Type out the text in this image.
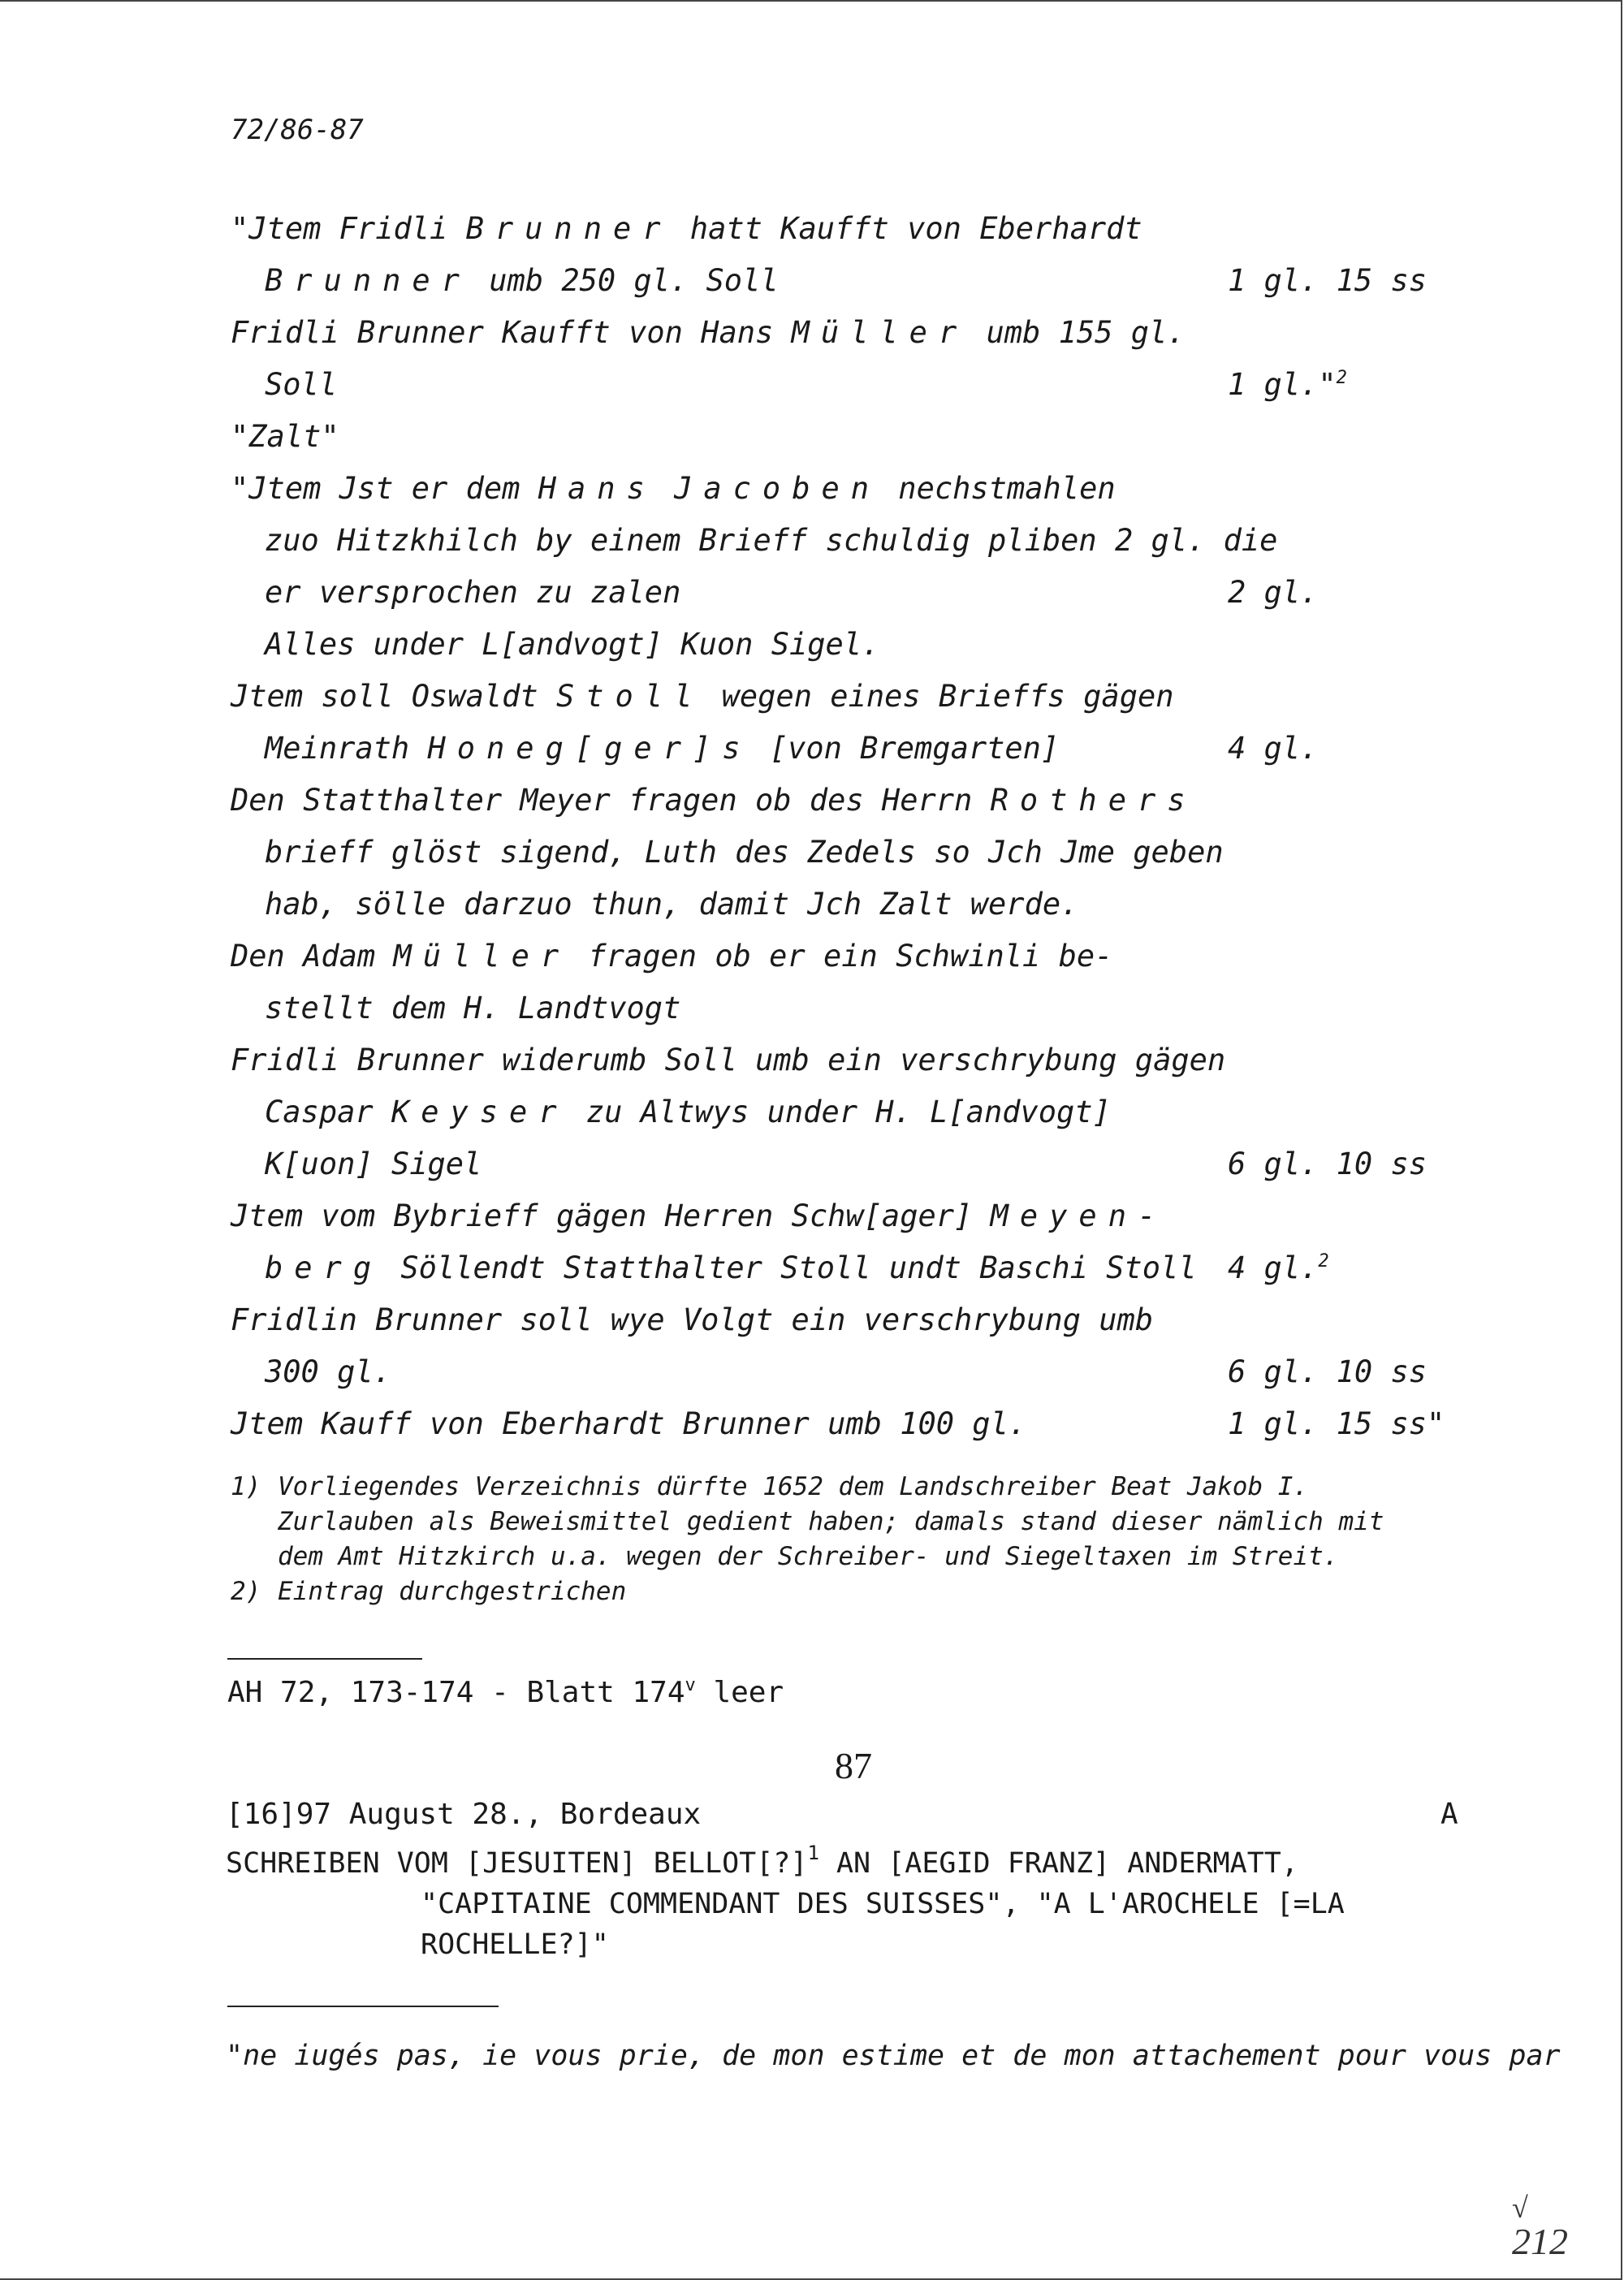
72/86-87
"Jtem Fridli Brunner hatt Kaufft von Eberhardt
Brunner umb 250 gl. Soll	1 gl. 15 ss
Fridli Brunner Kaufft von Hans Müller umb 155 gl.
Soll	1 gl."$^2$
"Zalt"
"Jtem Jst er dem Hans Jacoben nechstmahlen
zuo Hitzkhilch by einem Brieff schuldig pliben 2 gl. die
er versprochen zu zalen	2 gl.
Alles under L[andvogt] Kuon Sigel.
Jtem soll Oswaldt Stoll wegen eines Brieffs gägen
Meinrath Honeg[ger]s [von Bremgarten]	4 gl.
Den Statthalter Meyer fragen ob des Herrn Rothers
brieff glöst sigend, Luth des Zedels so Jch Jme geben
hab, sölle darzuo thun, damit Jch Zalt werde.
Den Adam Müller fragen ob er ein Schwinli be-
stellt dem H. Landtvogt
Fridli Brunner widerumb Soll umb ein verschrybung gägen
Caspar Keyser zu Altwys under H. L[andvogt]
K[uon] Sigel	6 gl. 10 ss
Jtem vom Bybrieff gägen Herren Schw[ager] Meyen-
berg Söllendt Statthalter Stoll undt Baschi Stoll 4 gl.$^2$
Fridlin Brunner soll wye Volgt ein verschrybung umb
300 gl.	6 gl. 10 ss
Jtem Kauff von Eberhardt Brunner umb 100 gl.	1 gl. 15 ss"
1) Vorliegendes Verzeichnis dürfte 1652 dem Landschreiber Beat Jakob I.
Zurlauben als Beweismittel gedient haben; damals stand dieser nämlich mit
dem Amt Hitzkirch u.a. wegen der Schreiber- und Siegeltaxen im Streit.
2) Eintrag durchgestrichen
AH 72, 173-174 - Blatt 174$^v$ leer
87
[16]97 August 28., Bordeaux	A
SCHREIBEN VOM [JESUITEN] BELLOT[?]$^1$ AN [AEGID FRANZ] ANDERMATT,
"CAPITAINE COMMENDANT DES SUISSES", "A L'AROCHELE [=LA
ROCHELLE?]"
"ne iugés pas, ie vous prie, de mon estime et de mon attachement pour vous par
√
212
